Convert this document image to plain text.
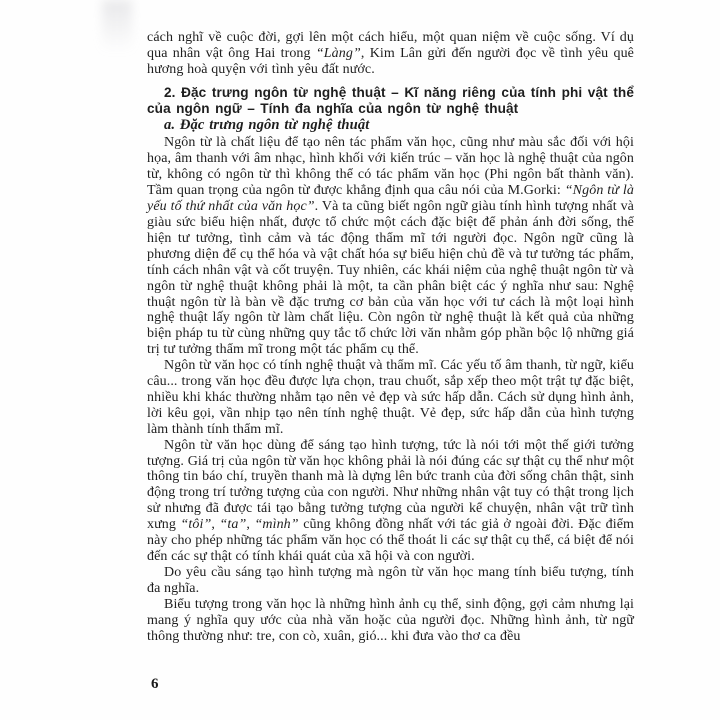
cách nghĩ về cuộc đời, gợi lên một cách hiểu, một quan niệm về cuộc sống. Ví dụ qua nhân vật ông Hai trong “Làng”, Kim Lân gửi đến người đọc về tình yêu quê hương hoà quyện với tình yêu đất nước.
2. Đặc trưng ngôn từ nghệ thuật – Kĩ năng riêng của tính phi vật thể của ngôn ngữ – Tính đa nghĩa của ngôn từ nghệ thuật
a. Đặc trưng ngôn từ nghệ thuật
Ngôn từ là chất liệu để tạo nên tác phẩm văn học, cũng như màu sắc đối với hội họa, âm thanh với âm nhạc, hình khối với kiến trúc – văn học là nghệ thuật của ngôn từ, không có ngôn từ thì không thể có tác phẩm văn học (Phi ngôn bất thành văn). Tầm quan trọng của ngôn từ được khẳng định qua câu nói của M.Gorki: “Ngôn từ là yếu tố thứ nhất của văn học”. Và ta cũng biết ngôn ngữ giàu tính hình tượng nhất và giàu sức biểu hiện nhất, được tổ chức một cách đặc biệt để phản ánh đời sống, thể hiện tư tưởng, tình cảm và tác động thẩm mĩ tới người đọc. Ngôn ngữ cũng là phương diện để cụ thể hóa và vật chất hóa sự biểu hiện chủ đề và tư tưởng tác phẩm, tính cách nhân vật và cốt truyện. Tuy nhiên, các khái niệm của nghệ thuật ngôn từ và ngôn từ nghệ thuật không phải là một, ta cần phân biệt các ý nghĩa như sau: Nghệ thuật ngôn từ là bàn về đặc trưng cơ bản của văn học với tư cách là một loại hình nghệ thuật lấy ngôn từ làm chất liệu. Còn ngôn từ nghệ thuật là kết quả của những biện pháp tu từ cùng những quy tắc tổ chức lời văn nhằm góp phần bộc lộ những giá trị tư tưởng thẩm mĩ trong một tác phẩm cụ thể.
Ngôn từ văn học có tính nghệ thuật và thẩm mĩ. Các yếu tố âm thanh, từ ngữ, kiểu câu... trong văn học đều được lựa chọn, trau chuốt, sắp xếp theo một trật tự đặc biệt, nhiều khi khác thường nhằm tạo nên vẻ đẹp và sức hấp dẫn. Cách sử dụng hình ảnh, lời kêu gọi, vần nhịp tạo nên tính nghệ thuật. Vẻ đẹp, sức hấp dẫn của hình tượng làm thành tính thẩm mĩ.
Ngôn từ văn học dùng để sáng tạo hình tượng, tức là nói tới một thế giới tưởng tượng. Giá trị của ngôn từ văn học không phải là nói đúng các sự thật cụ thể như một thông tin báo chí, truyền thanh mà là dựng lên bức tranh của đời sống chân thật, sinh động trong trí tưởng tượng của con người. Như những nhân vật tuy có thật trong lịch sử nhưng đã được tái tạo bằng tưởng tượng của người kể chuyện, nhân vật trữ tình xưng “tôi”, “ta”, “mình” cũng không đồng nhất với tác giả ở ngoài đời. Đặc điểm này cho phép những tác phẩm văn học có thể thoát li các sự thật cụ thể, cá biệt để nói đến các sự thật có tính khái quát của xã hội và con người.
Do yêu cầu sáng tạo hình tượng mà ngôn từ văn học mang tính biểu tượng, tính đa nghĩa.
Biểu tượng trong văn học là những hình ảnh cụ thể, sinh động, gợi cảm nhưng lại mang ý nghĩa quy ước của nhà văn hoặc của người đọc. Những hình ảnh, từ ngữ thông thường như: tre, con cò, xuân, gió... khi đưa vào thơ ca đều
6
